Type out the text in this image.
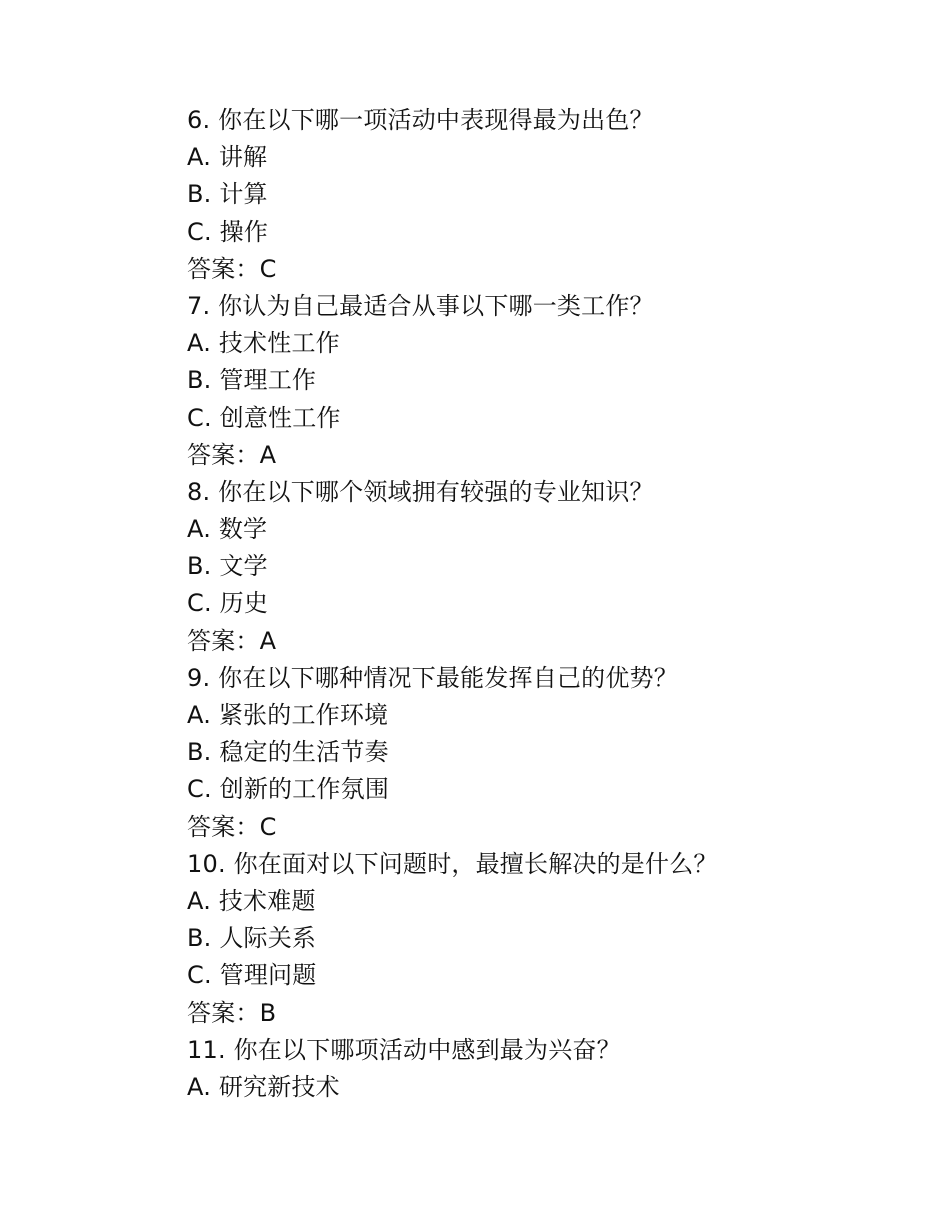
6. 你在以下哪一项活动中表现得最为出色？

A. 讲解

B. 计算

C. 操作

答案：C

7. 你认为自己最适合从事以下哪一类工作？

A. 技术性工作

B. 管理工作

C. 创意性工作

答案：A

8. 你在以下哪个领域拥有较强的专业知识？

A. 数学

B. 文学

C. 历史

答案：A

9. 你在以下哪种情况下最能发挥自己的优势？

A. 紧张的工作环境

B. 稳定的生活节奏

C. 创新的工作氛围

答案：C

10. 你在面对以下问题时，最擅长解决的是什么？

A. 技术难题

B. 人际关系

C. 管理问题

答案：B

11. 你在以下哪项活动中感到最为兴奋？

A. 研究新技术
